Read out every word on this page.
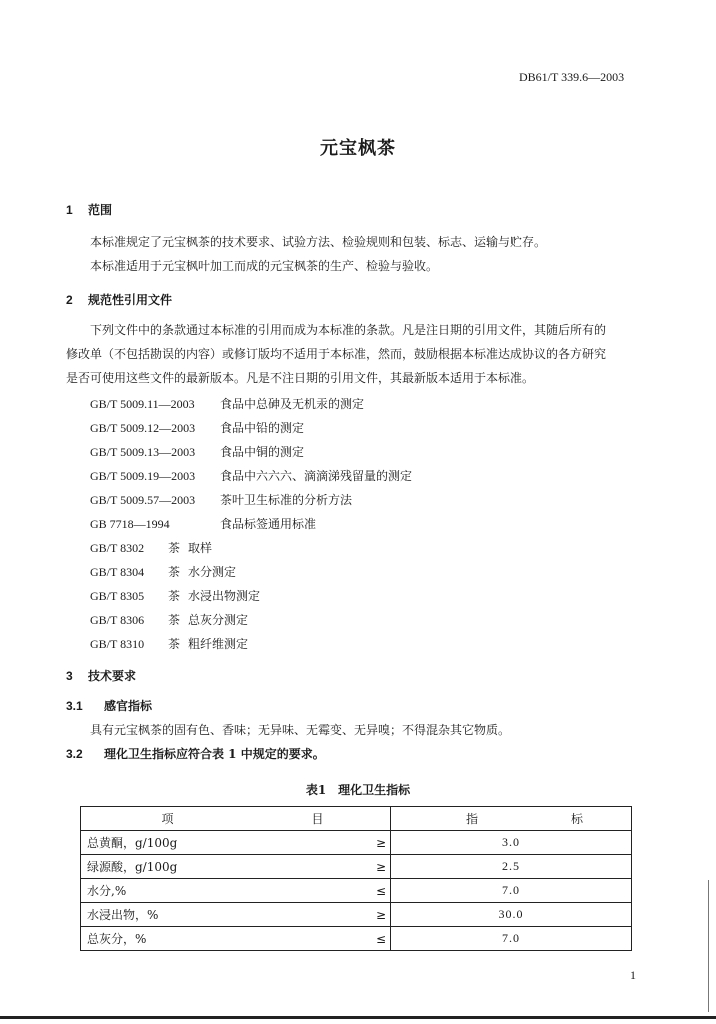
DB61/T 339.6—2003
元宝枫茶
1 范围
本标准规定了元宝枫茶的技术要求、试验方法、检验规则和包装、标志、运输与贮存。
本标准适用于元宝枫叶加工而成的元宝枫茶的生产、检验与验收。
2 规范性引用文件
下列文件中的条款通过本标准的引用而成为本标准的条款。凡是注日期的引用文件，其随后所有的
修改单（不包括勘误的内容）或修订版均不适用于本标准，然而，鼓励根据本标准达成协议的各方研究
是否可使用这些文件的最新版本。凡是不注日期的引用文件，其最新版本适用于本标准。
GB/T 5009.11—2003 食品中总砷及无机汞的测定
GB/T 5009.12—2003 食品中铅的测定
GB/T 5009.13—2003 食品中铜的测定
GB/T 5009.19—2003 食品中六六六、滴滴涕残留量的测定
GB/T 5009.57—2003 茶叶卫生标准的分析方法
GB 7718—1994	食品标签通用标准
GB/T 8302 茶 取样
GB/T 8304 茶 水分测定
GB/T 8305 茶 水浸出物测定
GB/T 8306 茶 总灰分测定
GB/T 8310 茶 粗纤维测定
3 技术要求
3.1 感官指标
具有元宝枫茶的固有色、香味；无异味、无霉变、无异嗅；不得混杂其它物质。
3.2 理化卫生指标应符合表 1 中规定的要求。
表1　理化卫生指标
项 目		指 标
总黄酮，g/100g	≥	3.0
绿源酸，g/100g	≥	2.5
水分,%	≤	7.0
水浸出物，%	≥	30.0
总灰分，%	≤	7.0
1
